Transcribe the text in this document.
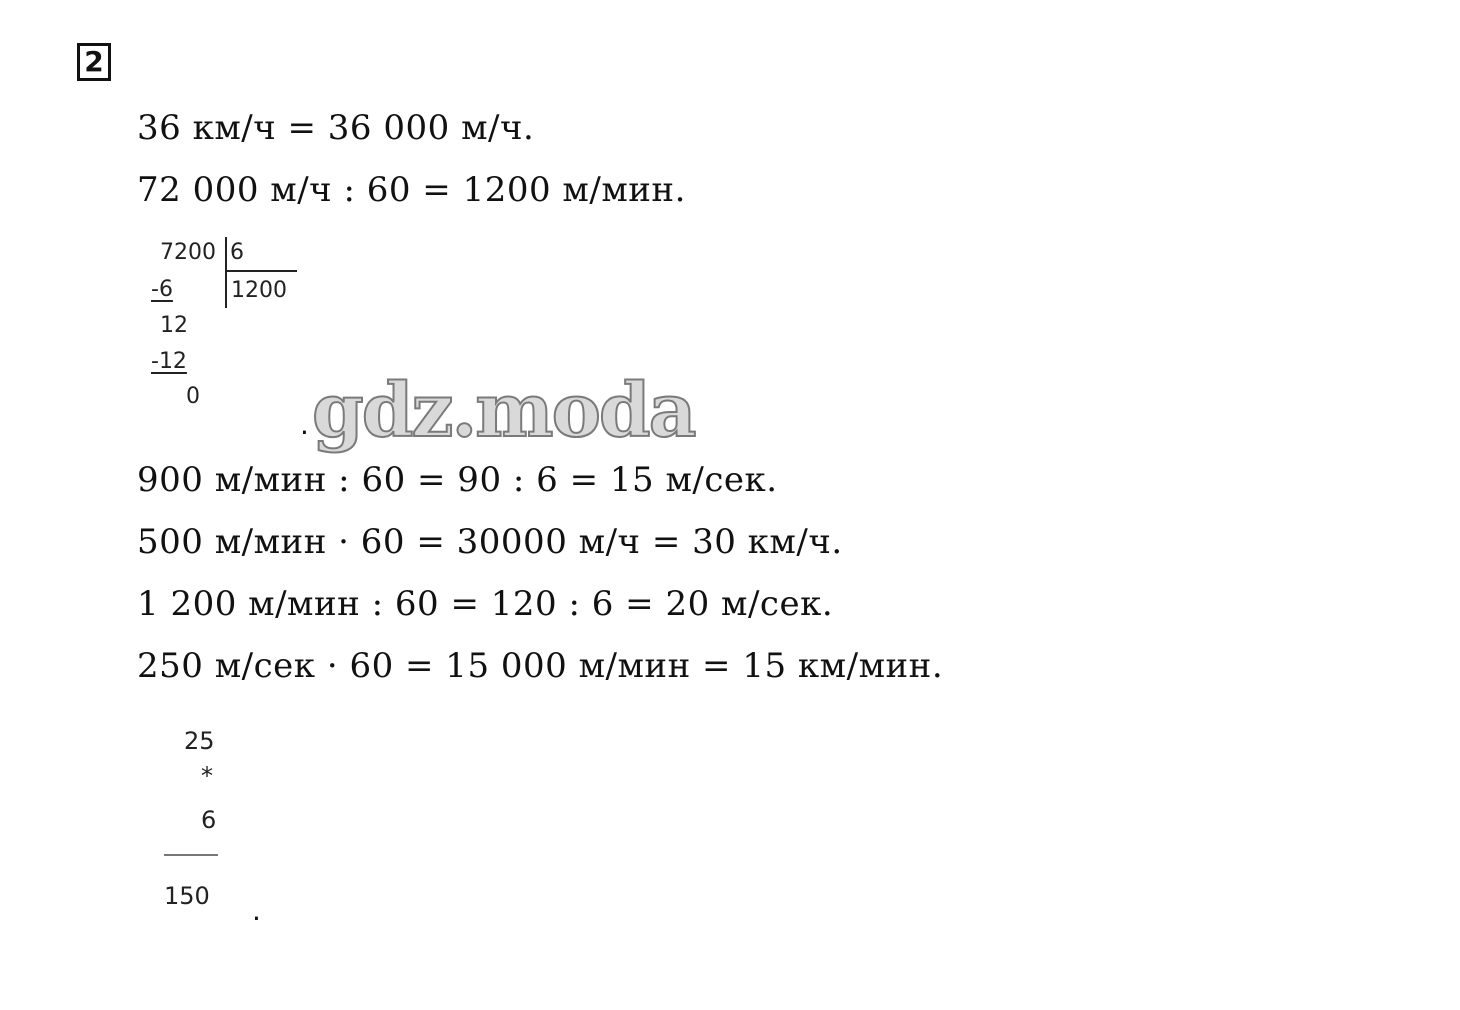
2
36 км/ч = 36 000 м/ч.
72 000 м/ч : 60 = 1200 м/мин.
7200 6
1200
-6
12
-12
0
. gdz.moda
900 м/мин : 60 = 90 : 6 = 15 м/сек.
500 м/мин · 60 = 30000 м/ч = 30 км/ч.
1 200 м/мин : 60 = 120 : 6 = 20 м/сек.
250 м/сек · 60 = 15 000 м/мин = 15 км/мин.
25
*
6
150 .
